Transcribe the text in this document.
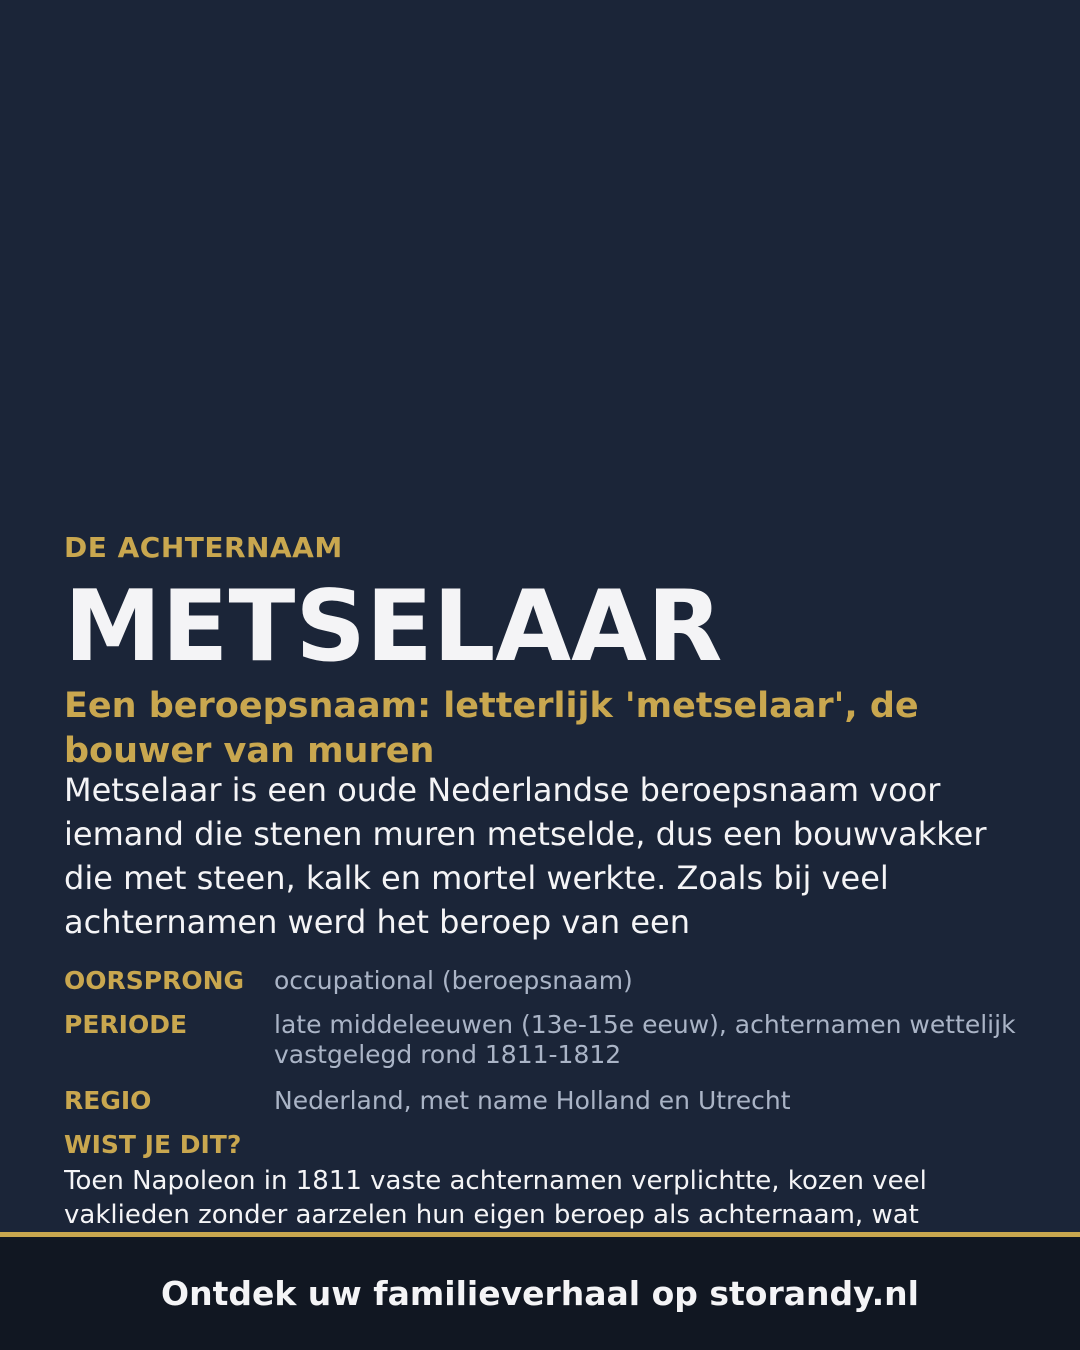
DE ACHTERNAAM
METSELAAR
Een beroepsnaam: letterlijk 'metselaar', de bouwer van muren
Metselaar is een oude Nederlandse beroepsnaam voor iemand die stenen muren metselde, dus een bouwvakker die met steen, kalk en mortel werkte. Zoals bij veel achternamen werd het beroep van een
OORSPRONG occupational (beroepsnaam)
PERIODE	late middeleeuwen (13e-15e eeuw), achternamen wettelijk vastgelegd rond 1811-1812
REGIO	Nederland, met name Holland en Utrecht
WIST JE DIT?
Toen Napoleon in 1811 vaste achternamen verplichtte, kozen veel vaklieden zonder aarzelen hun eigen beroep als achternaam, wat
Ontdek uw familieverhaal op storandy.nl
